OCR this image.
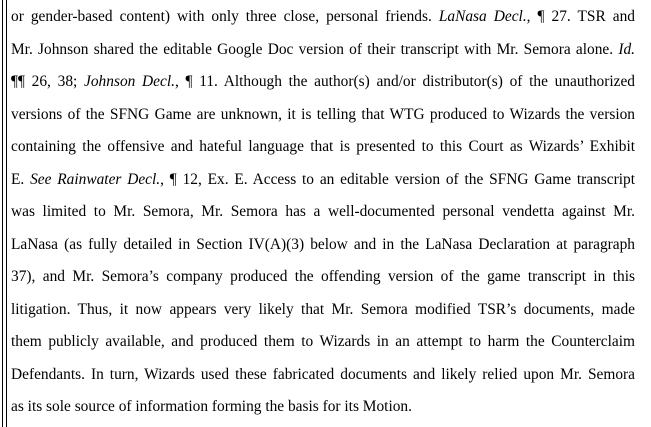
or gender-based content) with only three close, personal friends. LaNasa Decl., ¶ 27. TSR and
Mr. Johnson shared the editable Google Doc version of their transcript with Mr. Semora alone. Id.
¶¶ 26, 38; Johnson Decl., ¶ 11. Although the author(s) and/or distributor(s) of the unauthorized
versions of the SFNG Game are unknown, it is telling that WTG produced to Wizards the version
containing the offensive and hateful language that is presented to this Court as Wizards’ Exhibit
E. See Rainwater Decl., ¶ 12, Ex. E. Access to an editable version of the SFNG Game transcript
was limited to Mr. Semora, Mr. Semora has a well-documented personal vendetta against Mr.
LaNasa (as fully detailed in Section IV(A)(3) below and in the LaNasa Declaration at paragraph
37), and Mr. Semora’s company produced the offending version of the game transcript in this
litigation. Thus, it now appears very likely that Mr. Semora modified TSR’s documents, made
them publicly available, and produced them to Wizards in an attempt to harm the Counterclaim
Defendants. In turn, Wizards used these fabricated documents and likely relied upon Mr. Semora
as its sole source of information forming the basis for its Motion.
